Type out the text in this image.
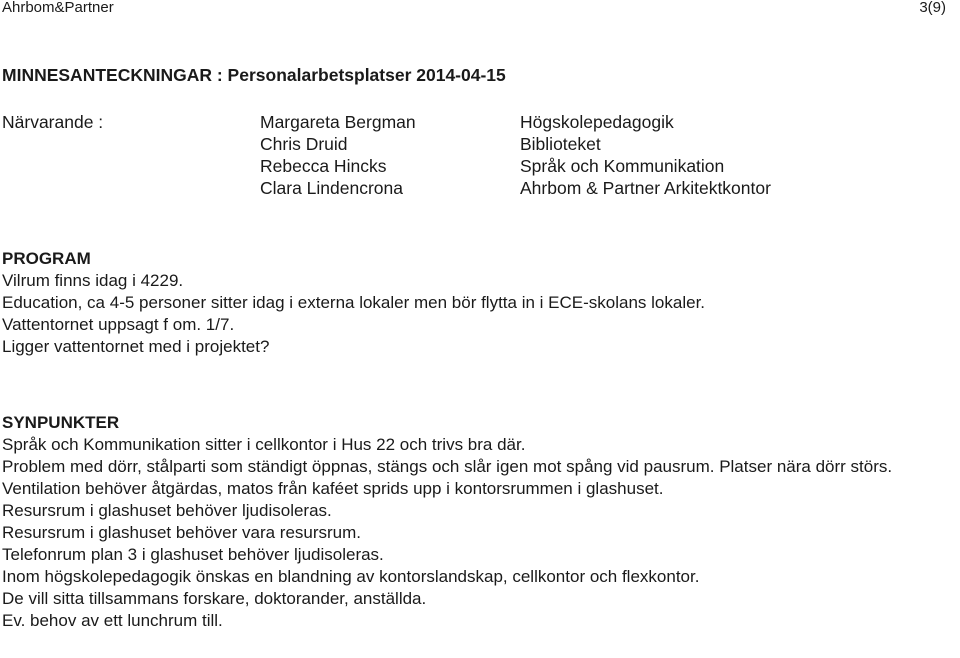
Ahrbom&Partner	3(9)
MINNESANTECKNINGAR : Personalarbetsplatser 2014-04-15
Närvarande :	Margareta Bergman
Chris Druid
Rebecca Hincks
Clara Lindencrona
Högskolepedagogik
Biblioteket
Språk och Kommunikation
Ahrbom & Partner Arkitektkontor
PROGRAM
Vilrum finns idag i 4229.
Education, ca 4-5 personer sitter idag i externa lokaler men bör flytta in i ECE-skolans lokaler.
Vattentornet uppsagt f om. 1/7.
Ligger vattentornet med i projektet?
SYNPUNKTER
Språk och Kommunikation sitter i cellkontor i Hus 22 och trivs bra där.
Problem med dörr, stålparti som ständigt öppnas, stängs och slår igen mot spång vid pausrum. Platser nära dörr störs.
Ventilation behöver åtgärdas, matos från kaféet sprids upp i kontorsrummen i glashuset.
Resursrum i glashuset behöver ljudisoleras.
Resursrum i glashuset behöver vara resursrum.
Telefonrum plan 3 i glashuset behöver ljudisoleras.
Inom högskolepedagogik önskas en blandning av kontorslandskap, cellkontor och flexkontor.
De vill sitta tillsammans forskare, doktorander, anställda.
Ev. behov av ett lunchrum till.
